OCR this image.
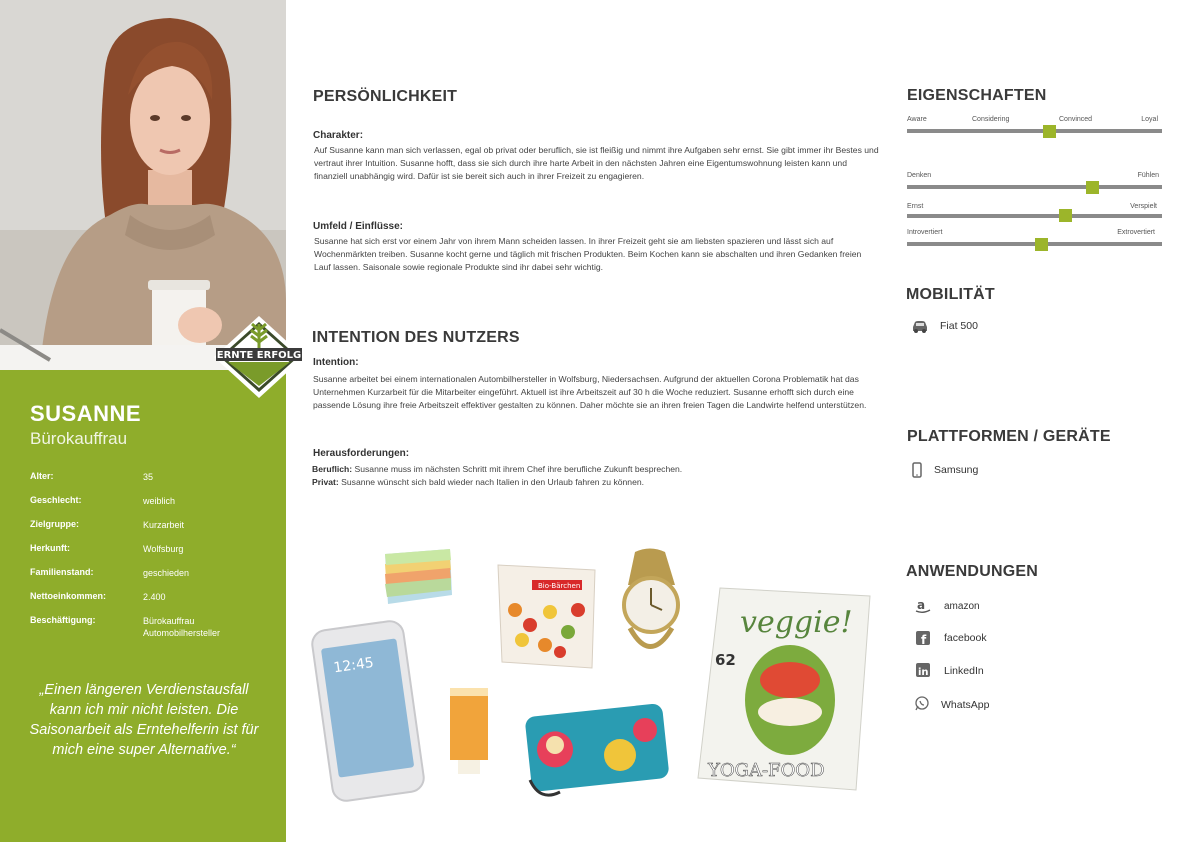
ERNTE ERFOLG
SUSANNE
Bürokauffrau
Alter:	35
Geschlecht:	weiblich
Zielgruppe:	Kurzarbeit
Herkunft:	Wolfsburg
Familienstand:	geschieden
Nettoeinkommen:	2.400
Beschäftigung:	Bürokauffrau
Automobilhersteller
„Einen längeren Verdienstausfall kann ich mir nicht leisten. Die Saisonarbeit als Erntehelferin ist für mich eine super Alternative.“
PERSÖNLICHKEIT
Charakter:
Auf Susanne kann man sich verlassen, egal ob privat oder beruflich, sie ist fleißig und nimmt ihre Aufgaben sehr ernst. Sie gibt immer ihr Bestes und vertraut ihrer Intuition. Susanne hofft, dass sie sich durch ihre harte Arbeit in den nächsten Jahren eine Eigentumswohnung leisten kann und finanziell unabhängig wird. Dafür ist sie bereit sich auch in ihrer Freizeit zu engagieren.
Umfeld / Einflüsse:
Susanne hat sich erst vor einem Jahr von ihrem Mann scheiden lassen. In ihrer Freizeit geht sie am liebsten spazieren und lässt sich auf Wochenmärkten treiben. Susanne kocht gerne und täglich mit frischen Produkten. Beim Kochen kann sie abschalten und ihren Gedanken freien Lauf lassen. Saisonale sowie regionale Produkte sind ihr dabei sehr wichtig.
INTENTION DES NUTZERS
Intention:
Susanne arbeitet bei einem internationalen Autombilhersteller in Wolfsburg, Niedersachsen. Aufgrund der aktuellen Corona Problematik hat das Unternehmen Kurzarbeit für die Mitarbeiter eingeführt. Aktuell ist ihre Arbeitszeit auf 30 h die Woche reduziert. Susanne erhofft sich durch eine passende Lösung ihre freie Arbeitszeit effektiver gestalten zu können. Daher möchte sie an ihren freien Tagen die Landwirte helfend unterstützen.
Herausforderungen:
Beruflich: Susanne muss im nächsten Schritt mit ihrem Chef ihre berufliche Zukunft besprechen.
Privat: Susanne wünscht sich bald wieder nach Italien in den Urlaub fahren zu können.
12:45
Bio-Bärchen
veggie!
62
YOGA-FOOD
EIGENSCHAFTEN
Aware	Considering	Convinced	Loyal
Denken	Fühlen
Ernst	Verspielt
Introvertiert	Extrovertiert
MOBILITÄT
Fiat 500
PLATTFORMEN / GERÄTE
Samsung
ANWENDUNGEN
a amazon
f facebook
in LinkedIn
WhatsApp
